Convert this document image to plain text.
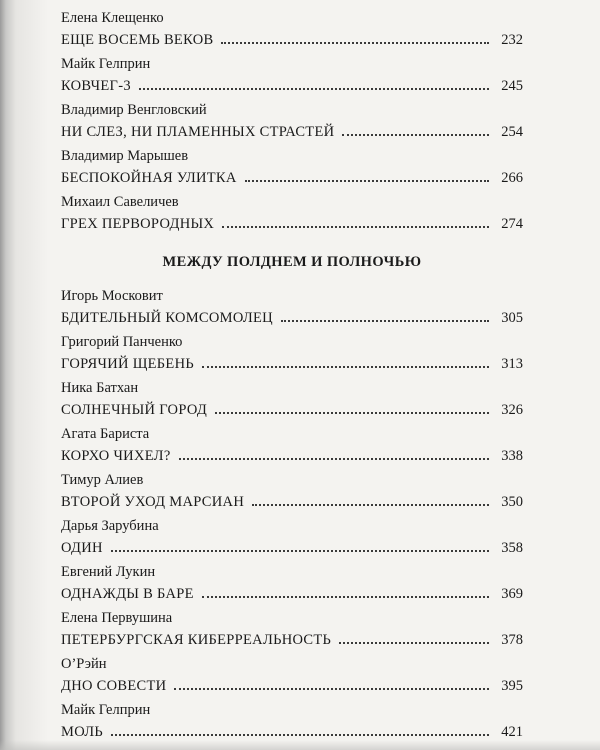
Елена Клещенко
ЕЩЕ ВОСЕМЬ ВЕКОВ	232
Майк Гелприн
КОВЧЕГ-3	245
Владимир Венгловский
НИ СЛЕЗ, НИ ПЛАМЕННЫХ СТРАСТЕЙ	254
Владимир Марышев
БЕСПОКОЙНАЯ УЛИТКА	266
Михаил Савеличев
ГРЕХ ПЕРВОРОДНЫХ	274
МЕЖДУ ПОЛДНЕМ И ПОЛНОЧЬЮ
Игорь Московит
БДИТЕЛЬНЫЙ КОМСОМОЛЕЦ	305
Григорий Панченко
ГОРЯЧИЙ ЩЕБЕНЬ	313
Ника Батхан
СОЛНЕЧНЫЙ ГОРОД	326
Агата Бариста
КОРХО ЧИХЕЛ?	338
Тимур Алиев
ВТОРОЙ УХОД МАРСИАН	350
Дарья Зарубина
ОДИН	358
Евгений Лукин
ОДНАЖДЫ В БАРЕ	369
Елена Первушина
ПЕТЕРБУРГСКАЯ КИБЕРРЕАЛЬНОСТЬ	378
О’Рэйн
ДНО СОВЕСТИ	395
Майк Гелприн
МОЛЬ	421
